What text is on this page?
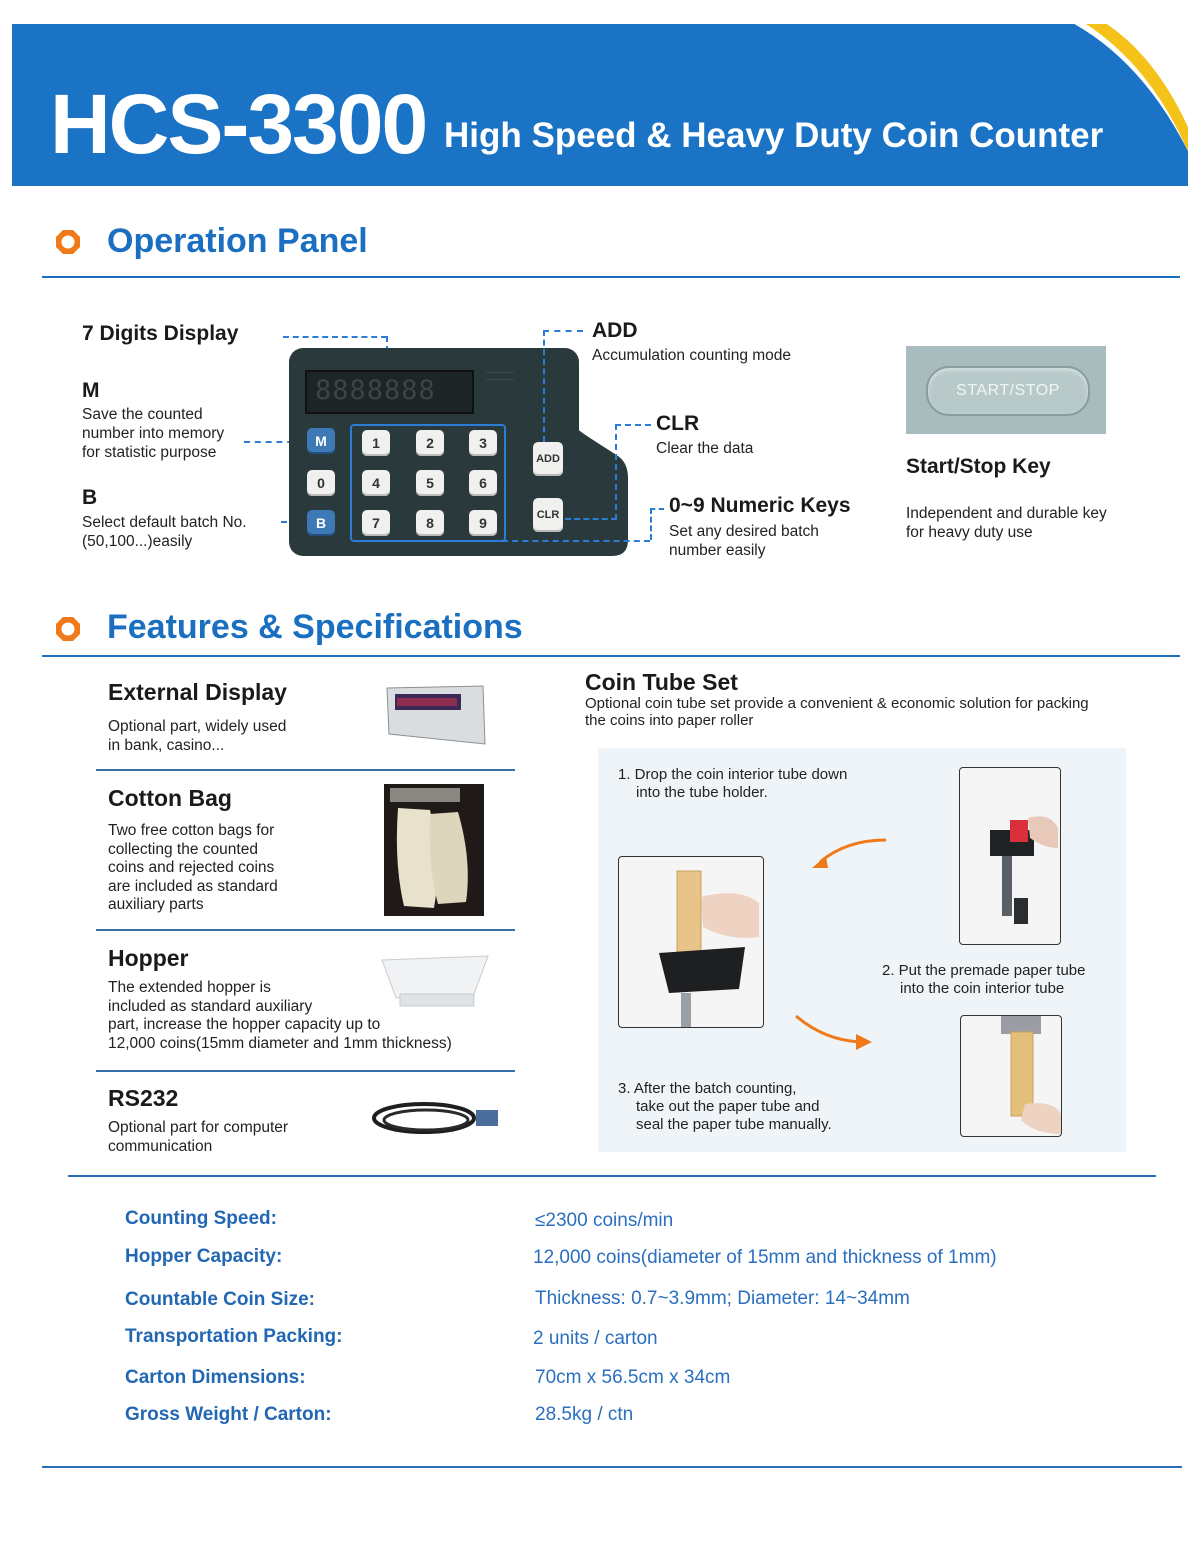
HCS-3300 High Speed & Heavy Duty Coin Counter
Operation Panel
7 Digits Display
M
Save the counted
number into memory
for statistic purpose
B
Select default batch No.
(50,100...)easily
8888888
M
0
B
1	2	3
4	5	6
7	8	9
ADD
CLR
ADD
Accumulation counting mode
CLR
Clear the data
0~9 Numeric Keys
Set any desired batch
number easily
START/STOP
Start/Stop Key
Independent and durable key
for heavy duty use
Features & Specifications
External Display
Optional part, widely used
in bank, casino...
Cotton Bag
Two free cotton bags for
collecting the counted
coins and rejected coins
are included as standard
auxiliary parts
Hopper
The extended hopper is
included as standard auxiliary
part, increase the hopper capacity up to
12,000 coins(15mm diameter and 1mm thickness)
RS232
Optional part for computer
communication
Coin Tube Set
Optional coin tube set provide a convenient & economic solution for packing
the coins into paper roller
1. Drop the coin interior tube down
into the tube holder.
2. Put the premade paper tube
into the coin interior tube
3. After the batch counting,
take out the paper tube and
seal the paper tube manually.
Counting Speed:	≤2300 coins/min
Hopper Capacity:	12,000 coins(diameter of 15mm and thickness of 1mm)
Countable Coin Size:	Thickness: 0.7~3.9mm; Diameter: 14~34mm
Transportation Packing:	2 units / carton
Carton Dimensions:	70cm x 56.5cm x 34cm
Gross Weight / Carton:	28.5kg / ctn
